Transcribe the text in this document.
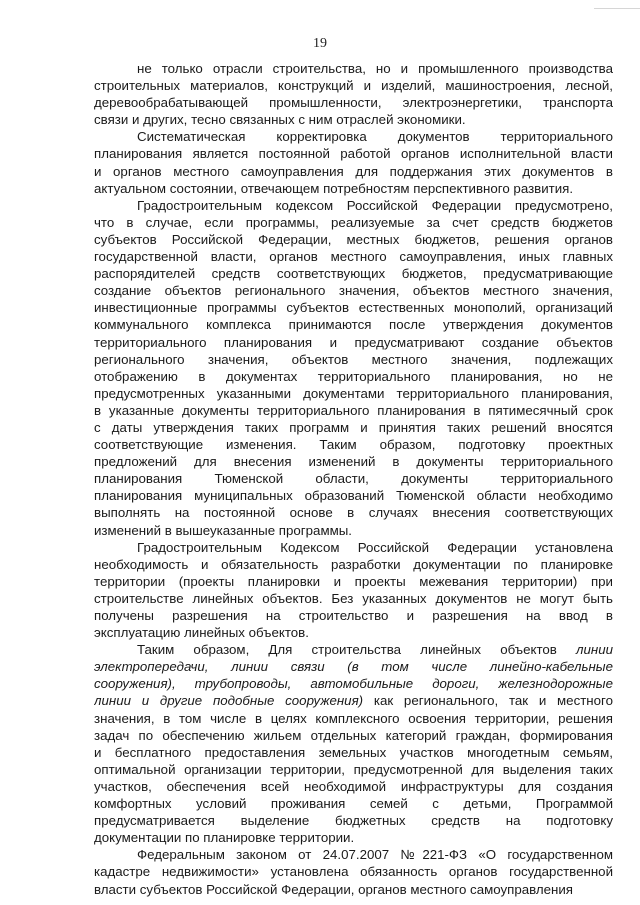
19
не только отрасли строительства, но и промышленного производства
строительных материалов, конструкций и изделий, машиностроения, лесной,
деревообрабатывающей промышленности, электроэнергетики, транспорта
связи и других, тесно связанных с ним отраслей экономики.
Систематическая корректировка документов территориального
планирования является постоянной работой органов исполнительной власти
и органов местного самоуправления для поддержания этих документов в
актуальном состоянии, отвечающем потребностям перспективного развития.
Градостроительным кодексом Российской Федерации предусмотрено,
что в случае, если программы, реализуемые за счет средств бюджетов
субъектов Российской Федерации, местных бюджетов, решения органов
государственной власти, органов местного самоуправления, иных главных
распорядителей средств соответствующих бюджетов, предусматривающие
создание объектов регионального значения, объектов местного значения,
инвестиционные программы субъектов естественных монополий, организаций
коммунального комплекса принимаются после утверждения документов
территориального планирования и предусматривают создание объектов
регионального значения, объектов местного значения, подлежащих
отображению в документах территориального планирования, но не
предусмотренных указанными документами территориального планирования,
в указанные документы территориального планирования в пятимесячный срок
с даты утверждения таких программ и принятия таких решений вносятся
соответствующие изменения. Таким образом, подготовку проектных
предложений для внесения изменений в документы территориального
планирования Тюменской области, документы территориального
планирования муниципальных образований Тюменской области необходимо
выполнять на постоянной основе в случаях внесения соответствующих
изменений в вышеуказанные программы.
Градостроительным Кодексом Российской Федерации установлена
необходимость и обязательность разработки документации по планировке
территории (проекты планировки и проекты межевания территории) при
строительстве линейных объектов. Без указанных документов не могут быть
получены разрешения на строительство и разрешения на ввод в
эксплуатацию линейных объектов.
Таким образом, Для строительства линейных объектов линии
электропередачи, линии связи (в том числе линейно-кабельные
сооружения), трубопроводы, автомобильные дороги, железнодорожные
линии и другие подобные сооружения) как регионального, так и местного
значения, в том числе в целях комплексного освоения территории, решения
задач по обеспечению жильем отдельных категорий граждан, формирования
и бесплатного предоставления земельных участков многодетным семьям,
оптимальной организации территории, предусмотренной для выделения таких
участков, обеспечения всей необходимой инфраструктуры для создания
комфортных условий проживания семей с детьми, Программой
предусматривается выделение бюджетных средств на подготовку
документации по планировке территории.
Федеральным законом от 24.07.2007 №221-ФЗ «О государственном
кадастре недвижимости» установлена обязанность органов государственной
власти субъектов Российской Федерации, органов местного самоуправления
